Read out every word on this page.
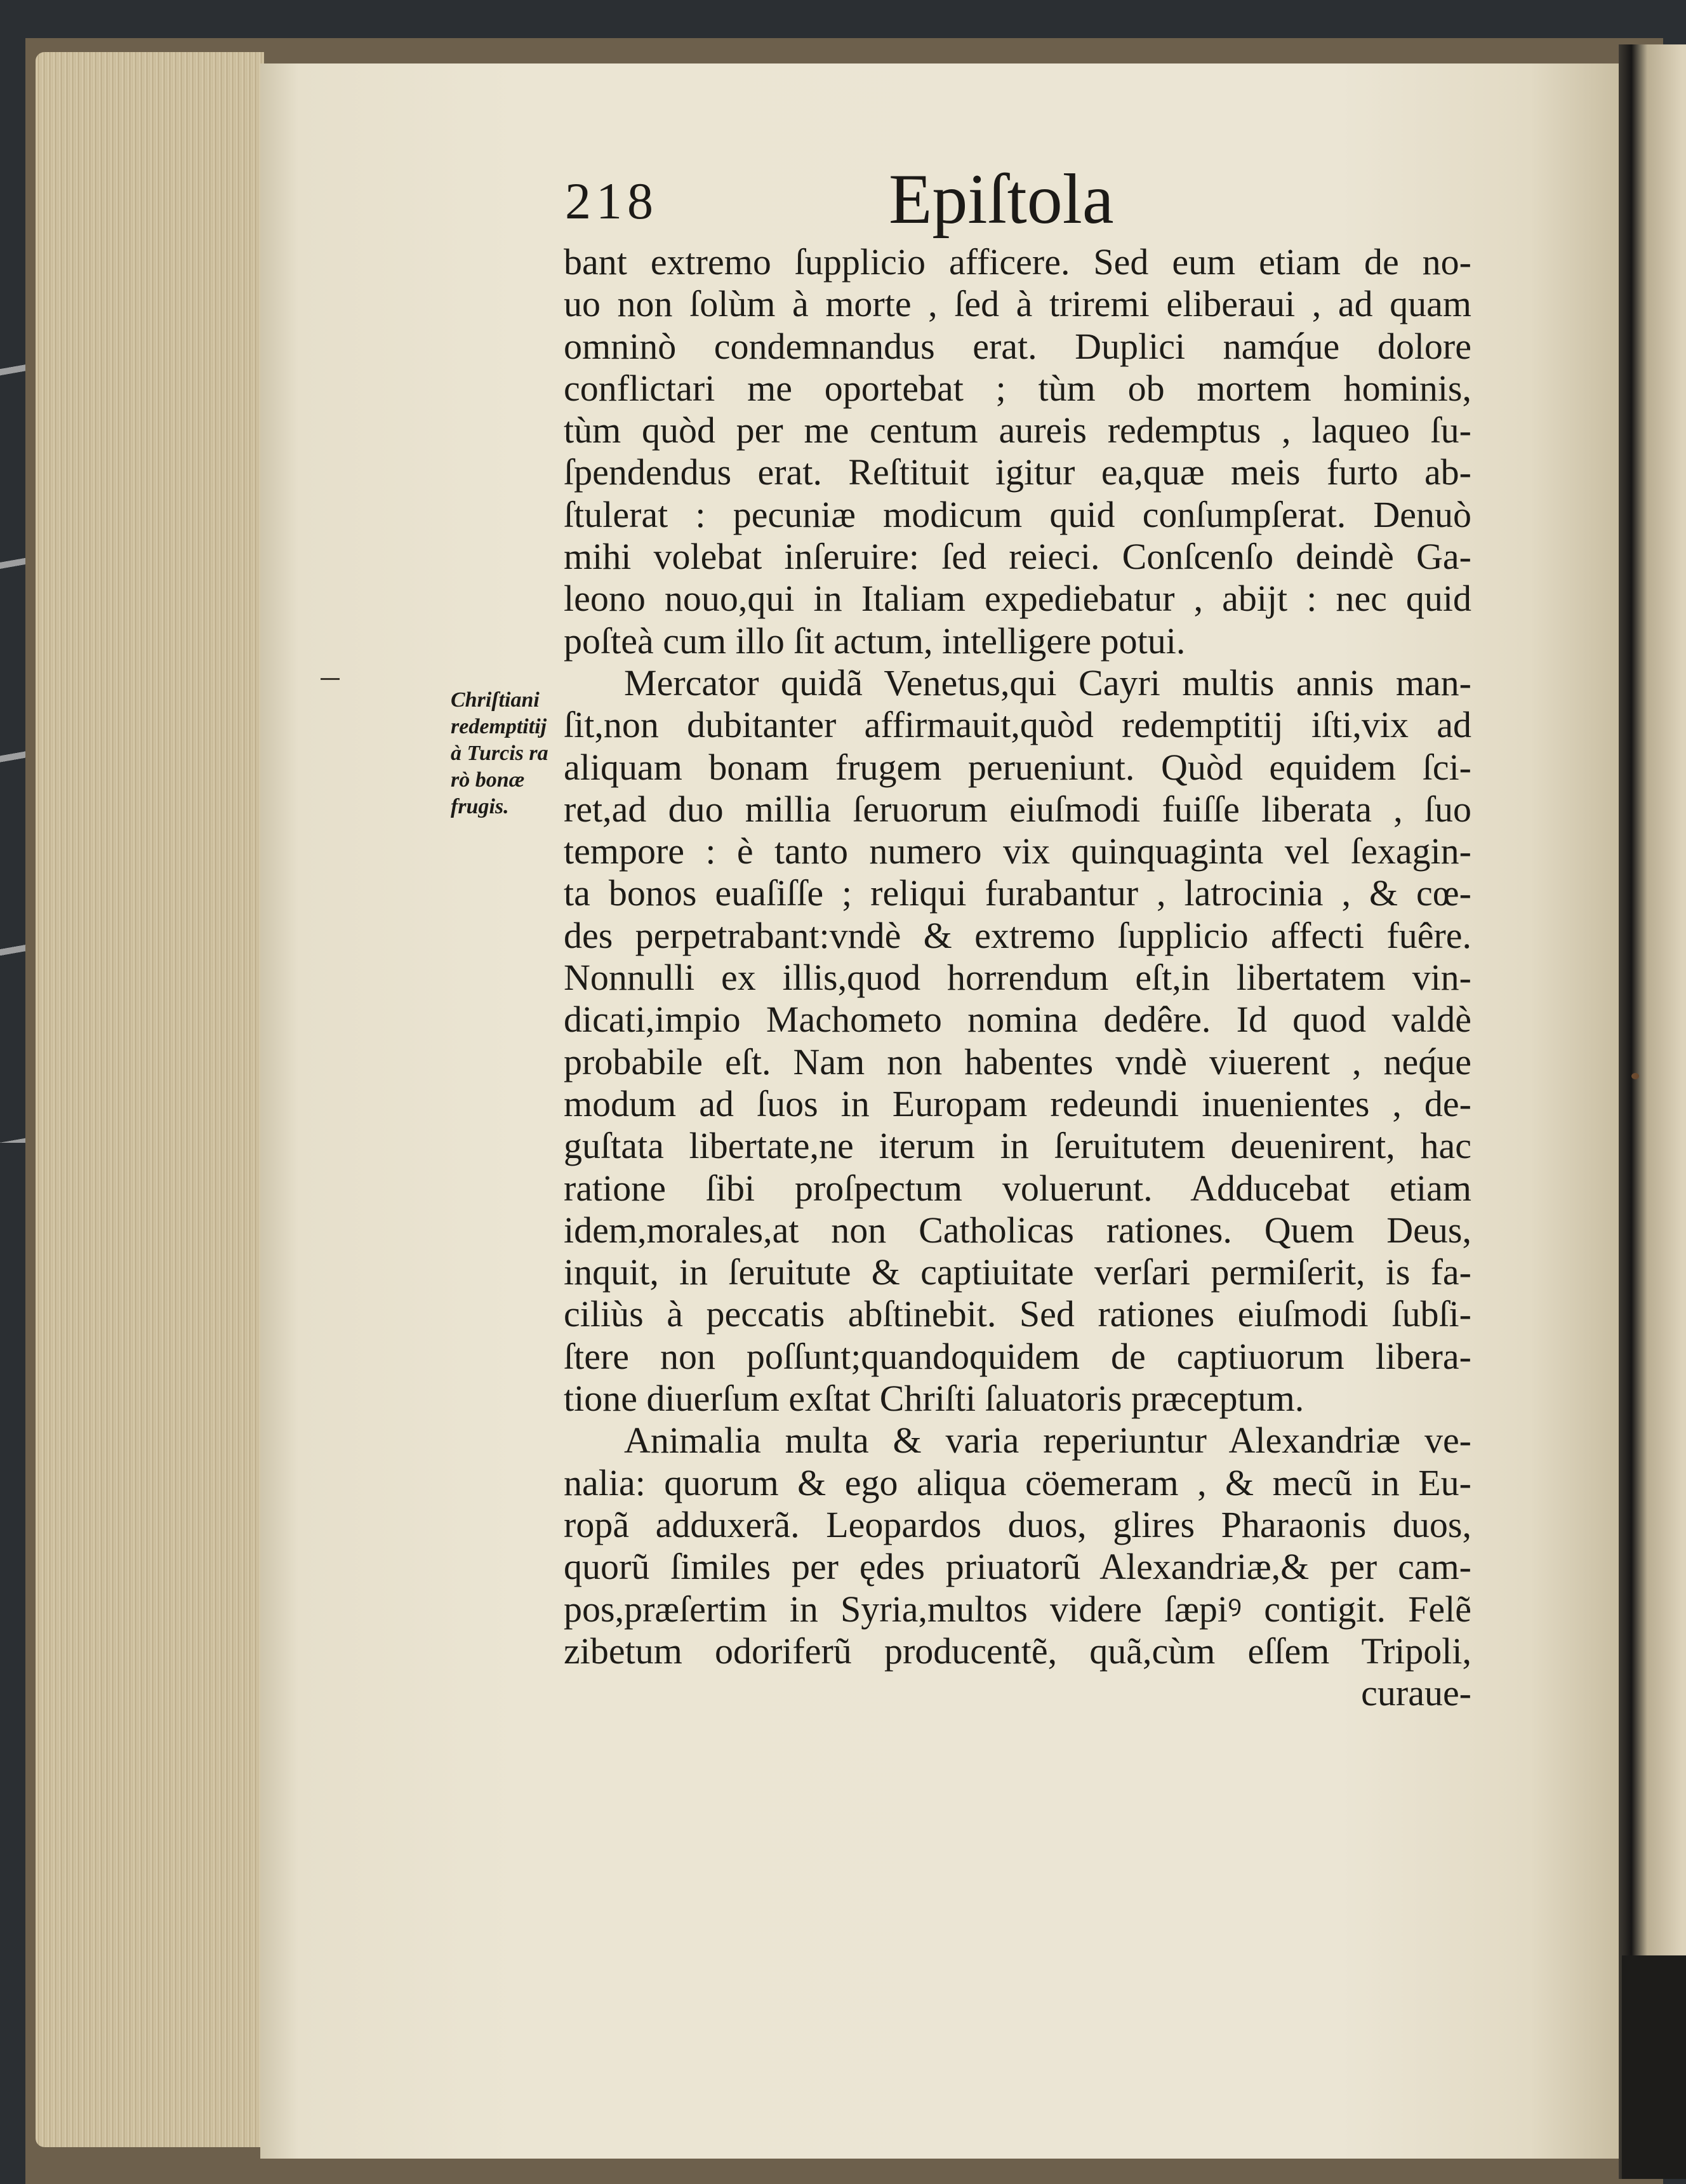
218	Epiſtola
Chriſtiani
redemptitij
à Turcis ra
rò bonæ
frugis.
bant extremo ſupplicio afficere. Sed eum etiam de no-
uo non ſolùm à morte , ſed à triremi eliberaui , ad quam
omninò condemnandus erat. Duplici namq́ue dolore
conflictari me oportebat ; tùm ob mortem hominis,
tùm quòd per me centum aureis redemptus , laqueo ſu-
ſpendendus erat. Reſtituit igitur ea,quæ meis furto ab-
ſtulerat : pecuniæ modicum quid conſumpſerat. Denuò
mihi volebat inſeruire: ſed reieci. Conſcenſo deindè Ga-
leono nouo,qui in Italiam expediebatur , abijt : nec quid
poſteà cum illo ſit actum, intelligere potui.
Mercator quidã Venetus,qui Cayri multis annis man-
ſit,non dubitanter affirmauit,quòd redemptitij iſti,vix ad
aliquam bonam frugem perueniunt. Quòd equidem ſci-
ret,ad duo millia ſeruorum eiuſmodi fuiſſe liberata , ſuo
tempore : è tanto numero vix quinquaginta vel ſexagin-
ta bonos euaſiſſe ; reliqui furabantur , latrocinia , & cœ-
des perpetrabant:vndè & extremo ſupplicio affecti fuêre.
Nonnulli ex illis,quod horrendum eſt,in libertatem vin-
dicati,impio Machometo nomina dedêre. Id quod valdè
probabile eſt. Nam non habentes vndè viuerent , neq́ue
modum ad ſuos in Europam redeundi inuenientes , de-
guſtata libertate,ne iterum in ſeruitutem deuenirent, hac
ratione ſibi proſpectum voluerunt. Adducebat etiam
idem,morales,at non Catholicas rationes. Quem Deus,
inquit, in ſeruitute & captiuitate verſari permiſerit, is fa-
ciliùs à peccatis abſtinebit. Sed rationes eiuſmodi ſubſi-
ſtere non poſſunt;quandoquidem de captiuorum libera-
tione diuerſum exſtat Chriſti ſaluatoris præceptum.
Animalia multa & varia reperiuntur Alexandriæ ve-
nalia: quorum & ego aliqua cöemeram , & mecũ in Eu-
ropã adduxerã. Leopardos duos, glires Pharaonis duos,
quorũ ſimiles per ędes priuatorũ Alexandriæ,& per cam-
pos,præſertim in Syria,multos videre ſæpiꝰ contigit. Felẽ
zibetum odoriferũ producentẽ, quã,cùm eſſem Tripoli,
curaue-
